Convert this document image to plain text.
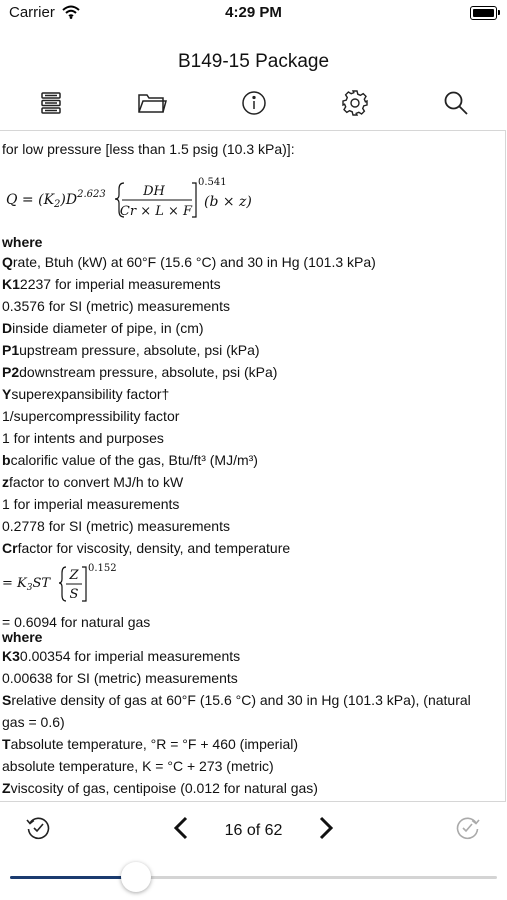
Carrier	4:29 PM
B149-15 Package
for low pressure [less than 1.5 psig (10.3 kPa)]:
$Q = (K_2)D^{2.623}$	DH
Cr × L × F
0.541
(b × z)
where
Qrate, Btuh (kW) at 60°F (15.6 °C) and 30 in Hg (101.3 kPa)
K12237 for imperial measurements
0.3576 for SI (metric) measurements
Dinside diameter of pipe, in (cm)
P1upstream pressure, absolute, psi (kPa)
P2downstream pressure, absolute, psi (kPa)
Ysuperexpansibility factor†
1/supercompressibility factor
1 for intents and purposes
bcalorific value of the gas, Btu/ft³ (MJ/m³)
zfactor to convert MJ/h to kW
1 for imperial measurements
0.2778 for SI (metric) measurements
Crfactor for viscosity, density, and temperature
= $K_3ST$
Z
S
0.152
= 0.6094 for natural gas
where
K30.00354 for imperial measurements
0.00638 for SI (metric) measurements
Srelative density of gas at 60°F (15.6 °C) and 30 in Hg (101.3 kPa), (natural
gas = 0.6)
Tabsolute temperature, °R = °F + 460 (imperial)
absolute temperature, K = °C + 273 (metric)
Zviscosity of gas, centipoise (0.012 for natural gas)
16 of 62
